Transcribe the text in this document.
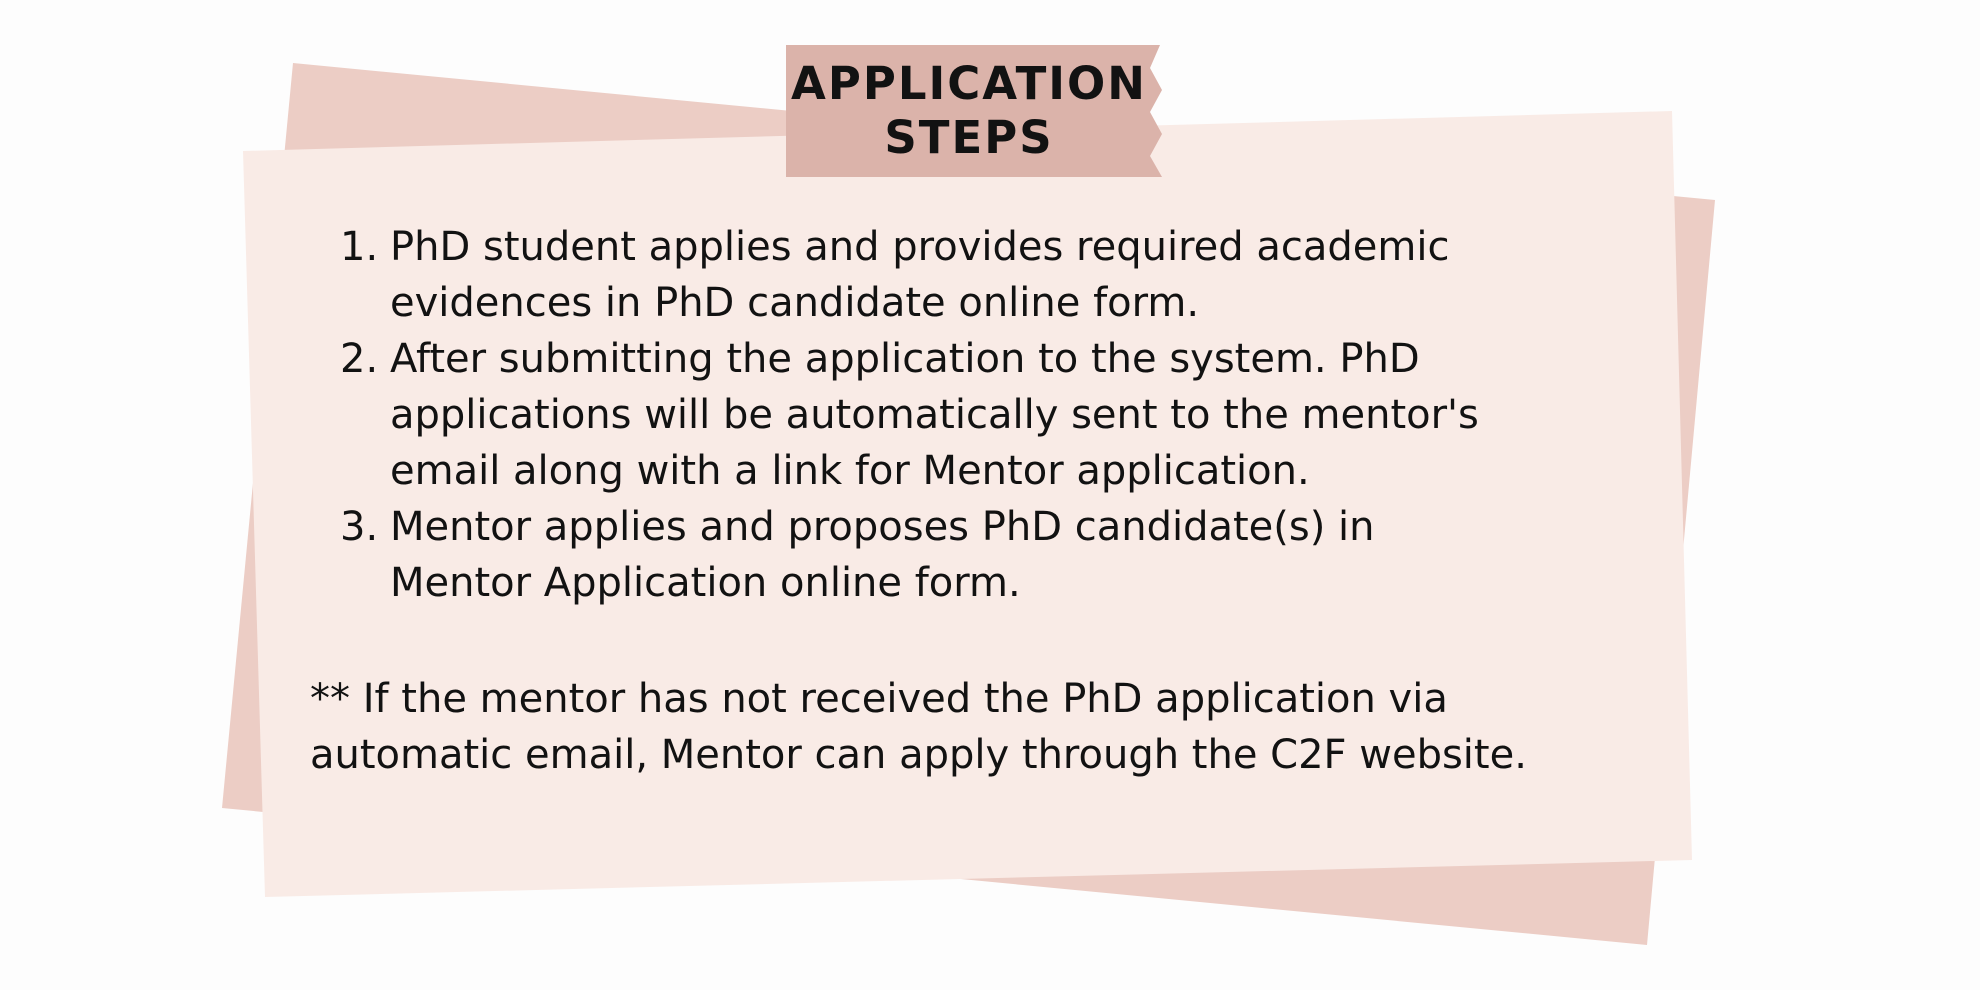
APPLICATION
STEPS
1. PhD student applies and provides required academic
evidences in PhD candidate online form.
2. After submitting the application to the system. PhD
applications will be automatically sent to the mentor's
email along with a link for Mentor application.
3. Mentor applies and proposes PhD candidate(s) in
Mentor Application online form.
** If the mentor has not received the PhD application via
automatic email, Mentor can apply through the C2F website.
